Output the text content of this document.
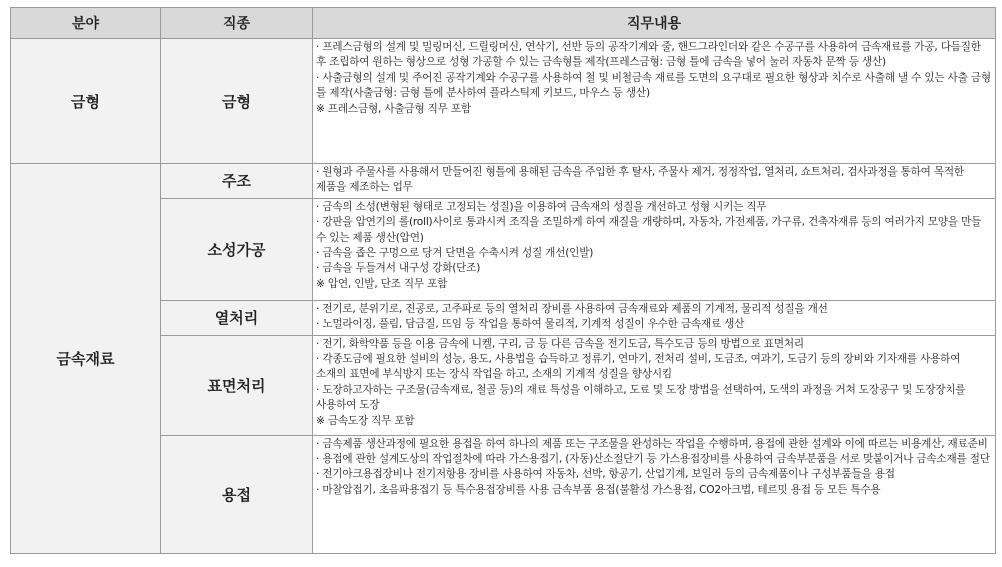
분야	직종	직무내용
금형	금형	· 프레스금형의 설계 및 밀링머신, 드릴링머신, 연삭기, 선반 등의 공작기계와 줄, 핸드그라인더와 같은 수공구를 사용하여 금속재료를 가공, 다듬질한 후 조립하여 원하는 형상으로 성형 가공할 수 있는 금속형틀 제작(프레스금형: 금형 틀에 금속을 넣어 눌러 자동차 문짝 등 생산)
· 사출금형의 설계 및 주어진 공작기계와 수공구를 사용하여 철 및 비철금속 재료를 도면의 요구대로 필요한 형상과 치수로 사출해 낼 수 있는 사출 금형 틀 제작(사출금형: 금형 틀에 분사하여 플라스틱제 키보드, 마우스 등 생산)
※ 프레스금형, 사출금형 직무 포함

금속재료	주조	· 원형과 주물사를 사용해서 만들어진 형틀에 용해된 금속을 주입한 후 탈사, 주물사 제거, 정정작업, 열처리, 쇼트처리, 검사과정을 통하여 목적한 제품을 제조하는 업무

	소성가공	· 금속의 소성(변형된 형태로 고정되는 성질)을 이용하여 금속재의 성질을 개선하고 성형 시키는 직무
· 강판을 압연기의 롤(roll)사이로 통과시켜 조직을 조밀하게 하여 재질을 개량하며, 자동차, 가전제품, 가구류, 건축자재류 등의 여러가지 모양을 만들 수 있는 제품 생산(압연)
· 금속을 좁은 구멍으로 당겨 단면을 수축시켜 성질 개선(인발)
· 금속을 두들겨서 내구성 강화(단조)
※ 압연, 인발, 단조 직무 포함

	열처리	· 전기로, 분위기로, 진공로, 고주파로 등의 열처리 장비를 사용하여 금속재료와 제품의 기계적, 물리적 성질을 개선
· 노멀라이징, 풀림, 담금질, 뜨임 등 작업을 통하여 물리적, 기계적 성질이 우수한 금속재료 생산

	표면처리	· 전기, 화학약품 등을 이용 금속에 니켈, 구리, 금 등 다른 금속을 전기도금, 특수도금 등의 방법으로 표면처리
· 각종도금에 필요한 설비의 성능, 용도, 사용법을 습득하고 정류기, 연마기, 전처리 설비, 도금조, 여과기, 도금기 등의 장비와 기자재를 사용하여 소재의 표면에 부식방지 또는 장식 작업을 하고, 소재의 기계적 성질을 향상시킴
· 도장하고자하는 구조물(금속재료, 철골 등)의 재료 특성을 이해하고, 도료 및 도장 방법을 선택하여, 도색의 과정을 거쳐 도장공구 및 도장장치를 사용하여 도장
※ 금속도장 직무 포함

	용접	· 금속제품 생산과정에 필요한 용접을 하여 하나의 제품 또는 구조물을 완성하는 작업을 수행하며, 용접에 관한 설계와 이에 따르는 비용계산, 재료준비
· 용접에 관한 설계도상의 작업절차에 따라 가스용접기, (자동)산소절단기 등 가스용접장비를 사용하여 금속부분품을 서로 맞붙이거나 금속소재를 절단
· 전기아크용접장비나 전기저항용 장비를 사용하여 자동차, 선박, 항공기, 산업기계, 보일러 등의 금속제품이나 구성부품들을 용접
· 마찰압접기, 초음파용접기 등 특수용접장비를 사용 금속부품 용접(불활성 가스용접, CO2아크법, 테르밋 용접 등 모든 특수용
